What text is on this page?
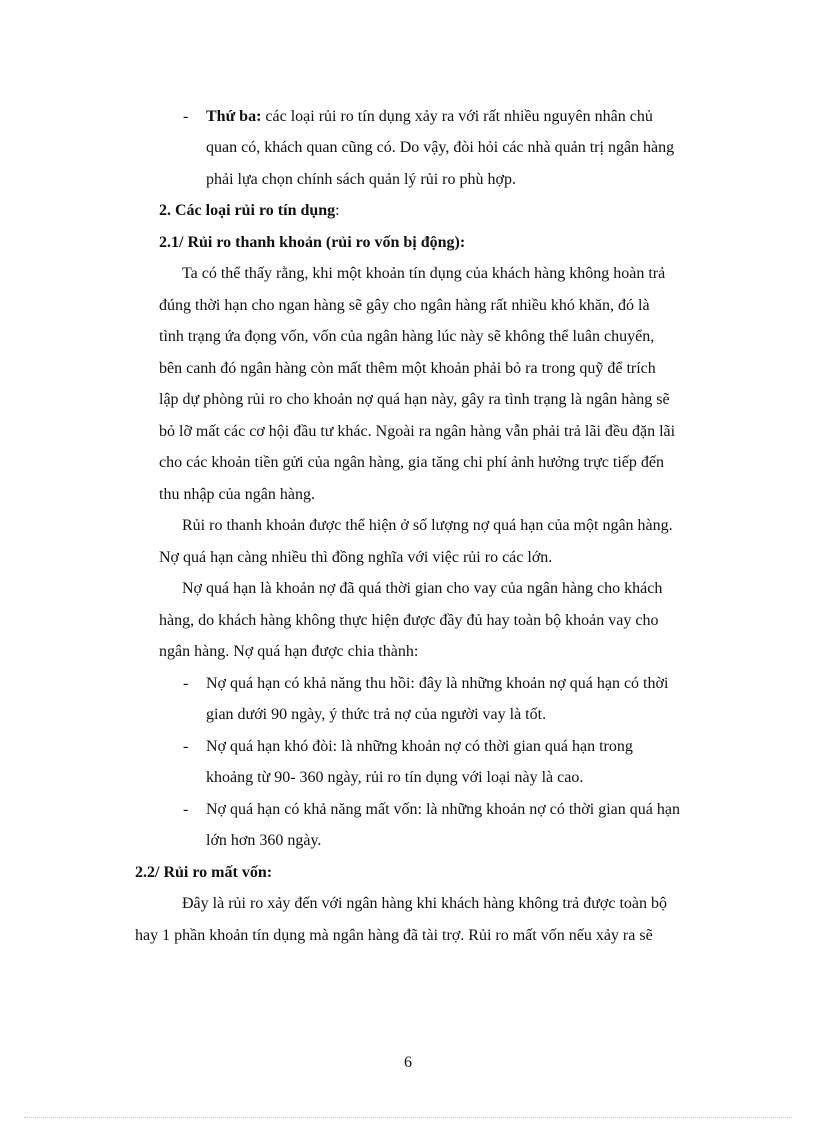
- Thứ ba: các loại rủi ro tín dụng xảy ra với rất nhiều nguyên nhân chủ

quan có, khách quan cũng có. Do vậy, đòi hỏi các nhà quản trị ngân hàng

phải lựa chọn chính sách quản lý rủi ro phù hợp.

2. Các loại rủi ro tín dụng:

2.1/ Rủi ro thanh khoản (rủi ro vốn bị động):

Ta có thể thấy rằng, khi một khoản tín dụng của khách hàng không hoàn trả

đúng thời hạn cho ngan hàng sẽ gây cho ngân hàng rất nhiều khó khăn, đó là

tình trạng ứa đọng vốn, vốn của ngân hàng lúc này sẽ không thể luân chuyển,

bên canh đó ngân hàng còn mất thêm một khoản phải bỏ ra trong quỹ để trích

lập dự phòng rủi ro cho khoản nợ quá hạn này, gây ra tình trạng là ngân hàng sẽ

bỏ lỡ mất các cơ hội đầu tư khác. Ngoài ra ngân hàng vẫn phải trả lãi đều đặn lãi

cho các khoản tiền gửi của ngân hàng, gia tăng chi phí ảnh hưởng trực tiếp đến

thu nhập của ngân hàng.

Rủi ro thanh khoản được thể hiện ở số lượng nợ quá hạn của một ngân hàng.

Nợ quá hạn càng nhiều thì đồng nghĩa với việc rủi ro các lớn.

Nợ quá hạn là khoản nợ đã quá thời gian cho vay của ngân hàng cho khách

hàng, do khách hàng không thực hiện được đầy đủ hay toàn bộ khoản vay cho

ngân hàng. Nợ quá hạn được chia thành:

- Nợ quá hạn có khả năng thu hồi: đây là những khoản nợ quá hạn có thời

gian dưới 90 ngày, ý thức trả nợ của người vay là tốt.

- Nợ quá hạn khó đòi: là những khoản nợ có thời gian quá hạn trong

khoảng từ 90- 360 ngày, rủi ro tín dụng với loại này là cao.

- Nợ quá hạn có khả năng mất vốn: là những khoản nợ có thời gian quá hạn

lớn hơn 360 ngày.

2.2/ Rủi ro mất vốn:

Đây là rủi ro xảy đến với ngân hàng khi khách hàng không trả được toàn bộ

hay 1 phần khoản tín dụng mà ngân hàng đã tài trợ. Rủi ro mất vốn nếu xảy ra sẽ

6
